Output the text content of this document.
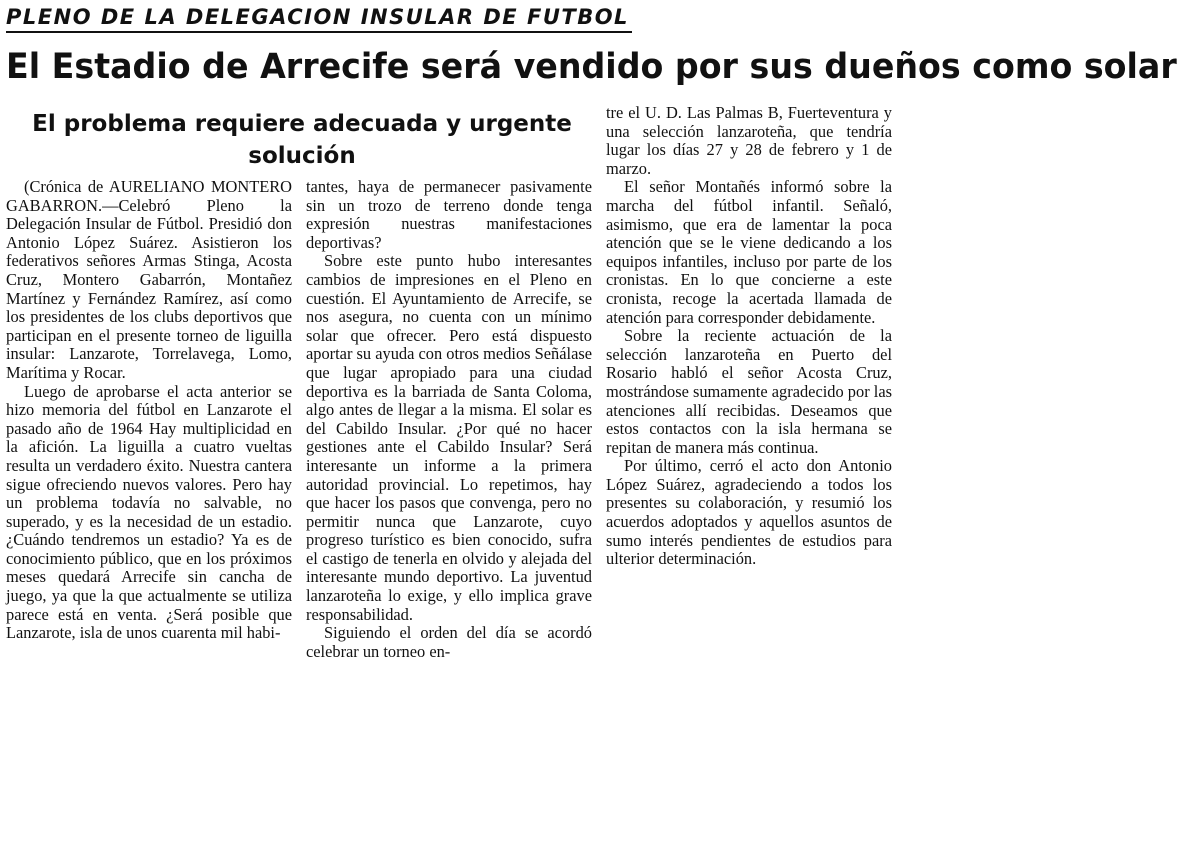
PLENO DE LA DELEGACION INSULAR DE FUTBOL
El Estadio de Arrecife será vendido por sus dueños como solar
El problema requiere adecuada y urgente solución

(Crónica de AURELIANO MONTERO GABARRON.—Celebró Pleno la Delegación Insular de Fútbol. Presidió don Antonio López Suárez. Asistieron los federativos señores Armas Stinga, Acosta Cruz, Montero Gabarrón, Montañez Martínez y Fernández Ramírez, así como los presidentes de los clubs deportivos que participan en el presente torneo de liguilla insular: Lanzarote, Torrelavega, Lomo, Marítima y Rocar.

Luego de aprobarse el acta anterior se hizo memoria del fútbol en Lanzarote el pasado año de 1964 Hay multiplicidad en la afición. La liguilla a cuatro vueltas resulta un verdadero éxito. Nuestra cantera sigue ofreciendo nuevos valores. Pero hay un problema todavía no salvable, no superado, y es la necesidad de un estadio. ¿Cuándo tendremos un estadio? Ya es de conocimiento público, que en los próximos meses quedará Arrecife sin cancha de juego, ya que la que actualmente se utiliza parece está en venta. ¿Será posible que Lanzarote, isla de unos cuarenta mil habi-

tantes, haya de permanecer pasivamente sin un trozo de terreno donde tenga expresión nuestras manifestaciones deportivas?

Sobre este punto hubo interesantes cambios de impresiones en el Pleno en cuestión. El Ayuntamiento de Arrecife, se nos asegura, no cuenta con un mínimo solar que ofrecer. Pero está dispuesto aportar su ayuda con otros medios Señálase que lugar apropiado para una ciudad deportiva es la barriada de Santa Coloma, algo antes de llegar a la misma. El solar es del Cabildo Insular. ¿Por qué no hacer gestiones ante el Cabildo Insular? Será interesante un informe a la primera autoridad provincial. Lo repetimos, hay que hacer los pasos que convenga, pero no permitir nunca que Lanzarote, cuyo progreso turístico es bien conocido, sufra el castigo de tenerla en olvido y alejada del interesante mundo deportivo. La juventud lanzaroteña lo exige, y ello implica grave responsabilidad.

Siguiendo el orden del día se acordó celebrar un torneo en-

tre el U. D. Las Palmas B, Fuerteventura y una selección lanzaroteña, que tendría lugar los días 27 y 28 de febrero y 1 de marzo.

El señor Montañés informó sobre la marcha del fútbol infantil. Señaló, asimismo, que era de lamentar la poca atención que se le viene dedicando a los equipos infantiles, incluso por parte de los cronistas. En lo que concierne a este cronista, recoge la acertada llamada de atención para corresponder debidamente.

Sobre la reciente actuación de la selección lanzaroteña en Puerto del Rosario habló el señor Acosta Cruz, mostrándose sumamente agradecido por las atenciones allí recibidas. Deseamos que estos contactos con la isla hermana se repitan de manera más continua.

Por último, cerró el acto don Antonio López Suárez, agradeciendo a todos los presentes su colaboración, y resumió los acuerdos adoptados y aquellos asuntos de sumo interés pendientes de estudios para ulterior determinación.
